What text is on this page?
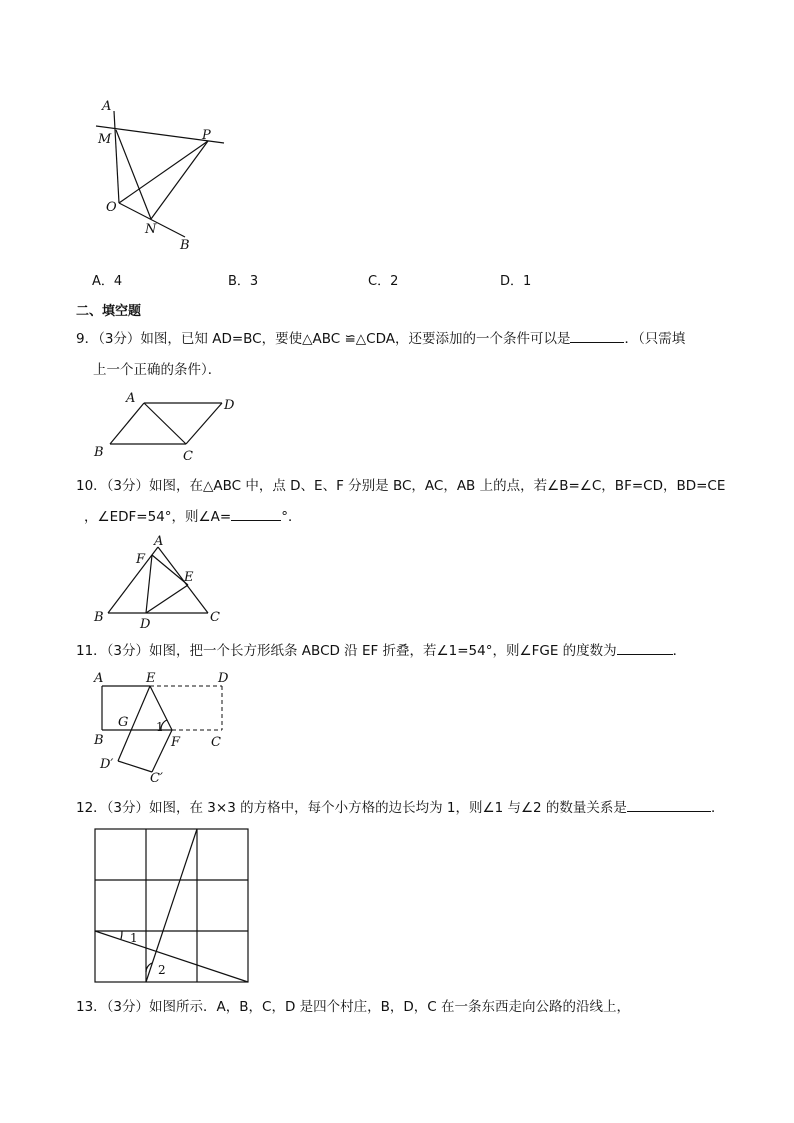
A
M	P
O
N
B
A．4	B．3	C．2	D．1
二、填空题
9．（3分）如图，已知 AD=BC，要使△ABC ≌△CDA，还要添加的一个条件可以是	．（只需填
上一个正确的条件）．
A	D
B	C
10．（3分）如图，在△ABC 中，点 D、E、F 分别是 BC，AC，AB 上的点，若∠B=∠C，BF=CD，BD=CE
，∠EDF=54°，则∠A=	°．
A
F
E
B	D	C
11．（3分）如图，把一个长方形纸条 ABCD 沿 EF 折叠，若∠1=54°，则∠FGE 的度数为	．
A	E	D
G 1
B	F C
D′
C′
12．（3分）如图，在 3×3 的方格中，每个小方格的边长均为 1，则∠1 与∠2 的数量关系是	．
1
2
13．（3分）如图所示．A，B，C，D 是四个村庄，B，D，C 在一条东西走向公路的沿线上，
